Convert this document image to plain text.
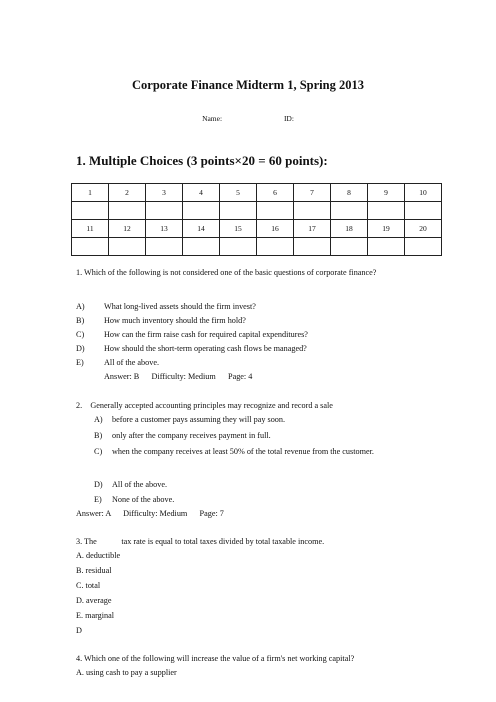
Corporate Finance Midterm 1, Spring 2013
Name:	ID:
1. Multiple Choices (3 points×20 = 60 points):
1	2	3	4	5	6	7	8	9	10

11	12	13	14	15	16	17	18	19	20

1. Which of the following is not considered one of the basic questions of corporate finance?
A) What long-lived assets should the firm invest?
B) How much inventory should the firm hold?
C) How can the firm raise cash for required capital expenditures?
D) How should the short-term operating cash flows be managed?
E) All of the above.
Answer: B      Difficulty: Medium      Page: 4
2.    Generally accepted accounting principles may recognize and record a sale
A) before a customer pays assuming they will pay soon.
B) only after the company receives payment in full.
C) when the company receives at least 50% of the total revenue from the customer.
D) All of the above.
E) None of the above.
Answer: A      Difficulty: Medium      Page: 7
3. The            tax rate is equal to total taxes divided by total taxable income.
A. deductible
B. residual
C. total
D. average
E. marginal
D
4. Which one of the following will increase the value of a firm's net working capital?
A. using cash to pay a supplier
